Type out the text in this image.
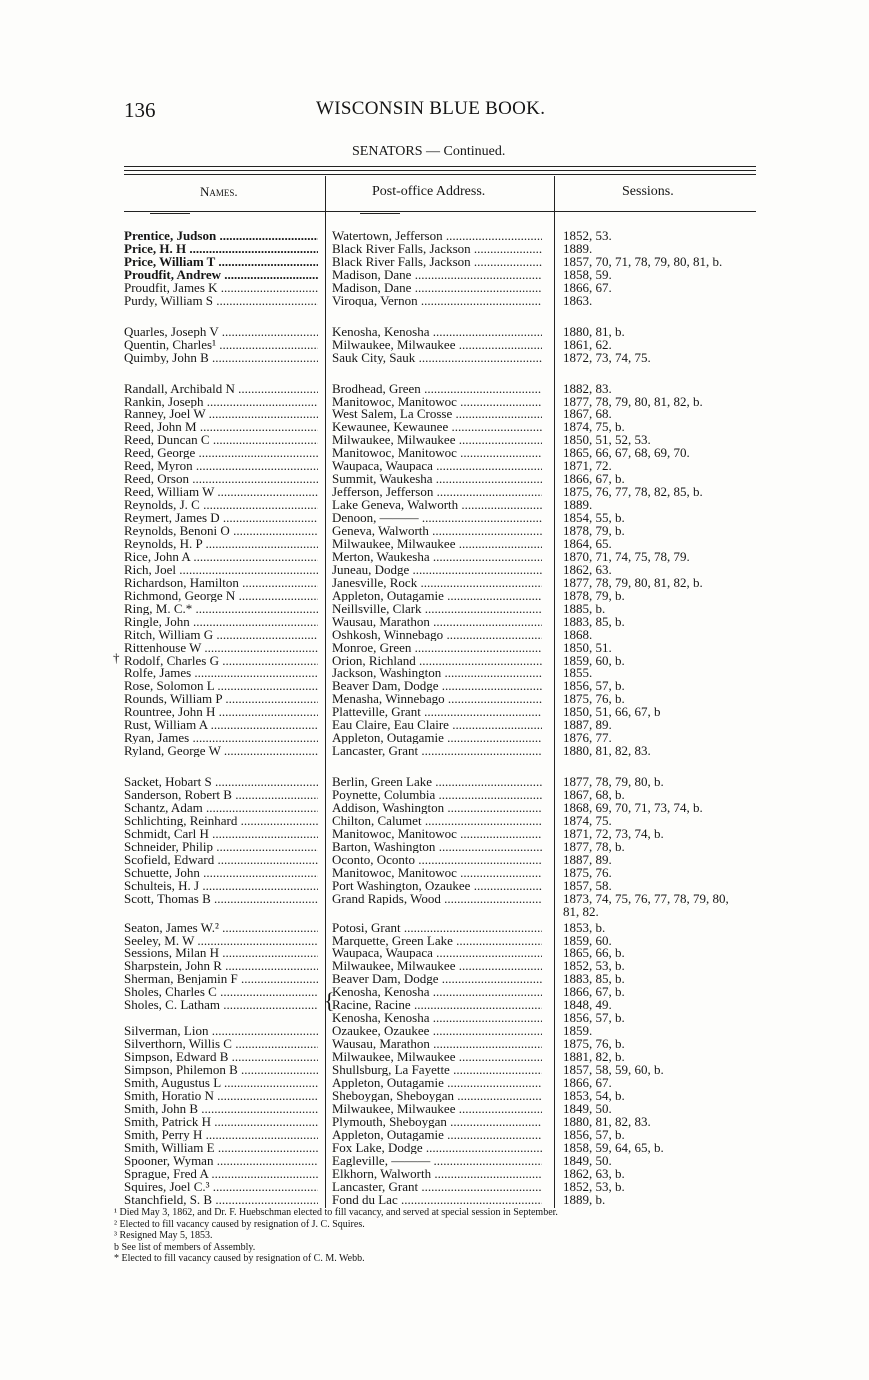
136	WISCONSIN BLUE BOOK.
SENATORS — Continued.
Names.	Post-office Address.	Sessions.
†
{
Prentice, Judson .....	Watertown, Jefferson .....	1852, 53.
Price, H. H .....	Black River Falls, Jackson .....	1889.
Price, William T .....	Black River Falls, Jackson .....	1857, 70, 71, 78, 79, 80, 81, b.
Proudfit, Andrew .....	Madison, Dane .....	1858, 59.
Proudfit, James K .....	Madison, Dane .....	1866, 67.
Purdy, William S .....	Viroqua, Vernon .....	1863.
Quarles, Joseph V .....	Kenosha, Kenosha .....	1880, 81, b.
Quentin, Charles¹ .....	Milwaukee, Milwaukee .....	1861, 62.
Quimby, John B .....	Sauk City, Sauk .....	1872, 73, 74, 75.
Randall, Archibald N .....	Brodhead, Green .....	1882, 83.
Rankin, Joseph .....	Manitowoc, Manitowoc .....	1877, 78, 79, 80, 81, 82, b.
Ranney, Joel W .....	West Salem, La Crosse .....	1867, 68.
Reed, John M .....	Kewaunee, Kewaunee .....	1874, 75, b.
Reed, Duncan C .....	Milwaukee, Milwaukee .....	1850, 51, 52, 53.
Reed, George .....	Manitowoc, Manitowoc .....	1865, 66, 67, 68, 69, 70.
Reed, Myron .....	Waupaca, Waupaca .....	1871, 72.
Reed, Orson .....	Summit, Waukesha .....	1866, 67, b.
Reed, William W .....	Jefferson, Jefferson .....	1875, 76, 77, 78, 82, 85, b.
Reynolds, J. C .....	Lake Geneva, Walworth .....	1889.
Reymert, James D .....	Denoon, ——— .....	1854, 55, b.
Reynolds, Benoni O .....	Geneva, Walworth .....	1878, 79, b.
Reynolds, H. P .....	Milwaukee, Milwaukee .....	1864, 65.
Rice, John A .....	Merton, Waukesha .....	1870, 71, 74, 75, 78, 79.
Rich, Joel .....	Juneau, Dodge .....	1862, 63.
Richardson, Hamilton .....	Janesville, Rock .....	1877, 78, 79, 80, 81, 82, b.
Richmond, George N .....	Appleton, Outagamie .....	1878, 79, b.
Ring, M. C.* .....	Neillsville, Clark .....	1885, b.
Ringle, John .....	Wausau, Marathon .....	1883, 85, b.
Ritch, William G .....	Oshkosh, Winnebago .....	1868.
Rittenhouse W .....	Monroe, Green .....	1850, 51.
Rodolf, Charles G .....	Orion, Richland .....	1859, 60, b.
Rolfe, James .....	Jackson, Washington .....	1855.
Rose, Solomon L .....	Beaver Dam, Dodge .....	1856, 57, b.
Rounds, William P .....	Menasha, Winnebago .....	1875, 76, b.
Rountree, John H .....	Platteville, Grant .....	1850, 51, 66, 67, b
Rust, William A .....	Eau Claire, Eau Claire .....	1887, 89.
Ryan, James .....	Appleton, Outagamie .....	1876, 77.
Ryland, George W .....	Lancaster, Grant .....	1880, 81, 82, 83.
Sacket, Hobart S .....	Berlin, Green Lake .....	1877, 78, 79, 80, b.
Sanderson, Robert B .....	Poynette, Columbia .....	1867, 68, b.
Schantz, Adam .....	Addison, Washington .....	1868, 69, 70, 71, 73, 74, b.
Schlichting, Reinhard .....	Chilton, Calumet .....	1874, 75.
Schmidt, Carl H .....	Manitowoc, Manitowoc .....	1871, 72, 73, 74, b.
Schneider, Philip .....	Barton, Washington .....	1877, 78, b.
Scofield, Edward .....	Oconto, Oconto .....	1887, 89.
Schuette, John .....	Manitowoc, Manitowoc .....	1875, 76.
Schulteis, H. J .....	Port Washington, Ozaukee .....	1857, 58.
Scott, Thomas B .....	Grand Rapids, Wood .....	1873, 74, 75, 76, 77, 78, 79, 80,
81, 82.
Seaton, James W.² .....	Potosi, Grant .....	1853, b.
Seeley, M. W .....	Marquette, Green Lake .....	1859, 60.
Sessions, Milan H .....	Waupaca, Waupaca .....	1865, 66, b.
Sharpstein, John R .....	Milwaukee, Milwaukee .....	1852, 53, b.
Sherman, Benjamin F .....	Beaver Dam, Dodge .....	1883, 85, b.
Sholes, Charles C .....	Kenosha, Kenosha .....	1866, 67, b.
Sholes, C. Latham .....	Racine, Racine .....	1848, 49.
Kenosha, Kenosha .....	1856, 57, b.
Silverman, Lion .....	Ozaukee, Ozaukee .....	1859.
Silverthorn, Willis C .....	Wausau, Marathon .....	1875, 76, b.
Simpson, Edward B .....	Milwaukee, Milwaukee .....	1881, 82, b.
Simpson, Philemon B .....	Shullsburg, La Fayette .....	1857, 58, 59, 60, b.
Smith, Augustus L .....	Appleton, Outagamie .....	1866, 67.
Smith, Horatio N .....	Sheboygan, Sheboygan .....	1853, 54, b.
Smith, John B .....	Milwaukee, Milwaukee .....	1849, 50.
Smith, Patrick H .....	Plymouth, Sheboygan .....	1880, 81, 82, 83.
Smith, Perry H .....	Appleton, Outagamie .....	1856, 57, b.
Smith, William E .....	Fox Lake, Dodge .....	1858, 59, 64, 65, b.
Spooner, Wyman .....	Eagleville, ——— .....	1849, 50.
Sprague, Fred A .....	Elkhorn, Walworth .....	1862, 63, b.
Squires, Joel C.³ .....	Lancaster, Grant .....	1852, 53, b.
Stanchfield, S. B .....	Fond du Lac .....	1889, b.
¹ Died May 3, 1862, and Dr. F. Huebschman elected to fill vacancy, and served at special session in September.
² Elected to fill vacancy caused by resignation of J. C. Squires.
³ Resigned May 5, 1853.
b See list of members of Assembly.
* Elected to fill vacancy caused by resignation of C. M. Webb.
